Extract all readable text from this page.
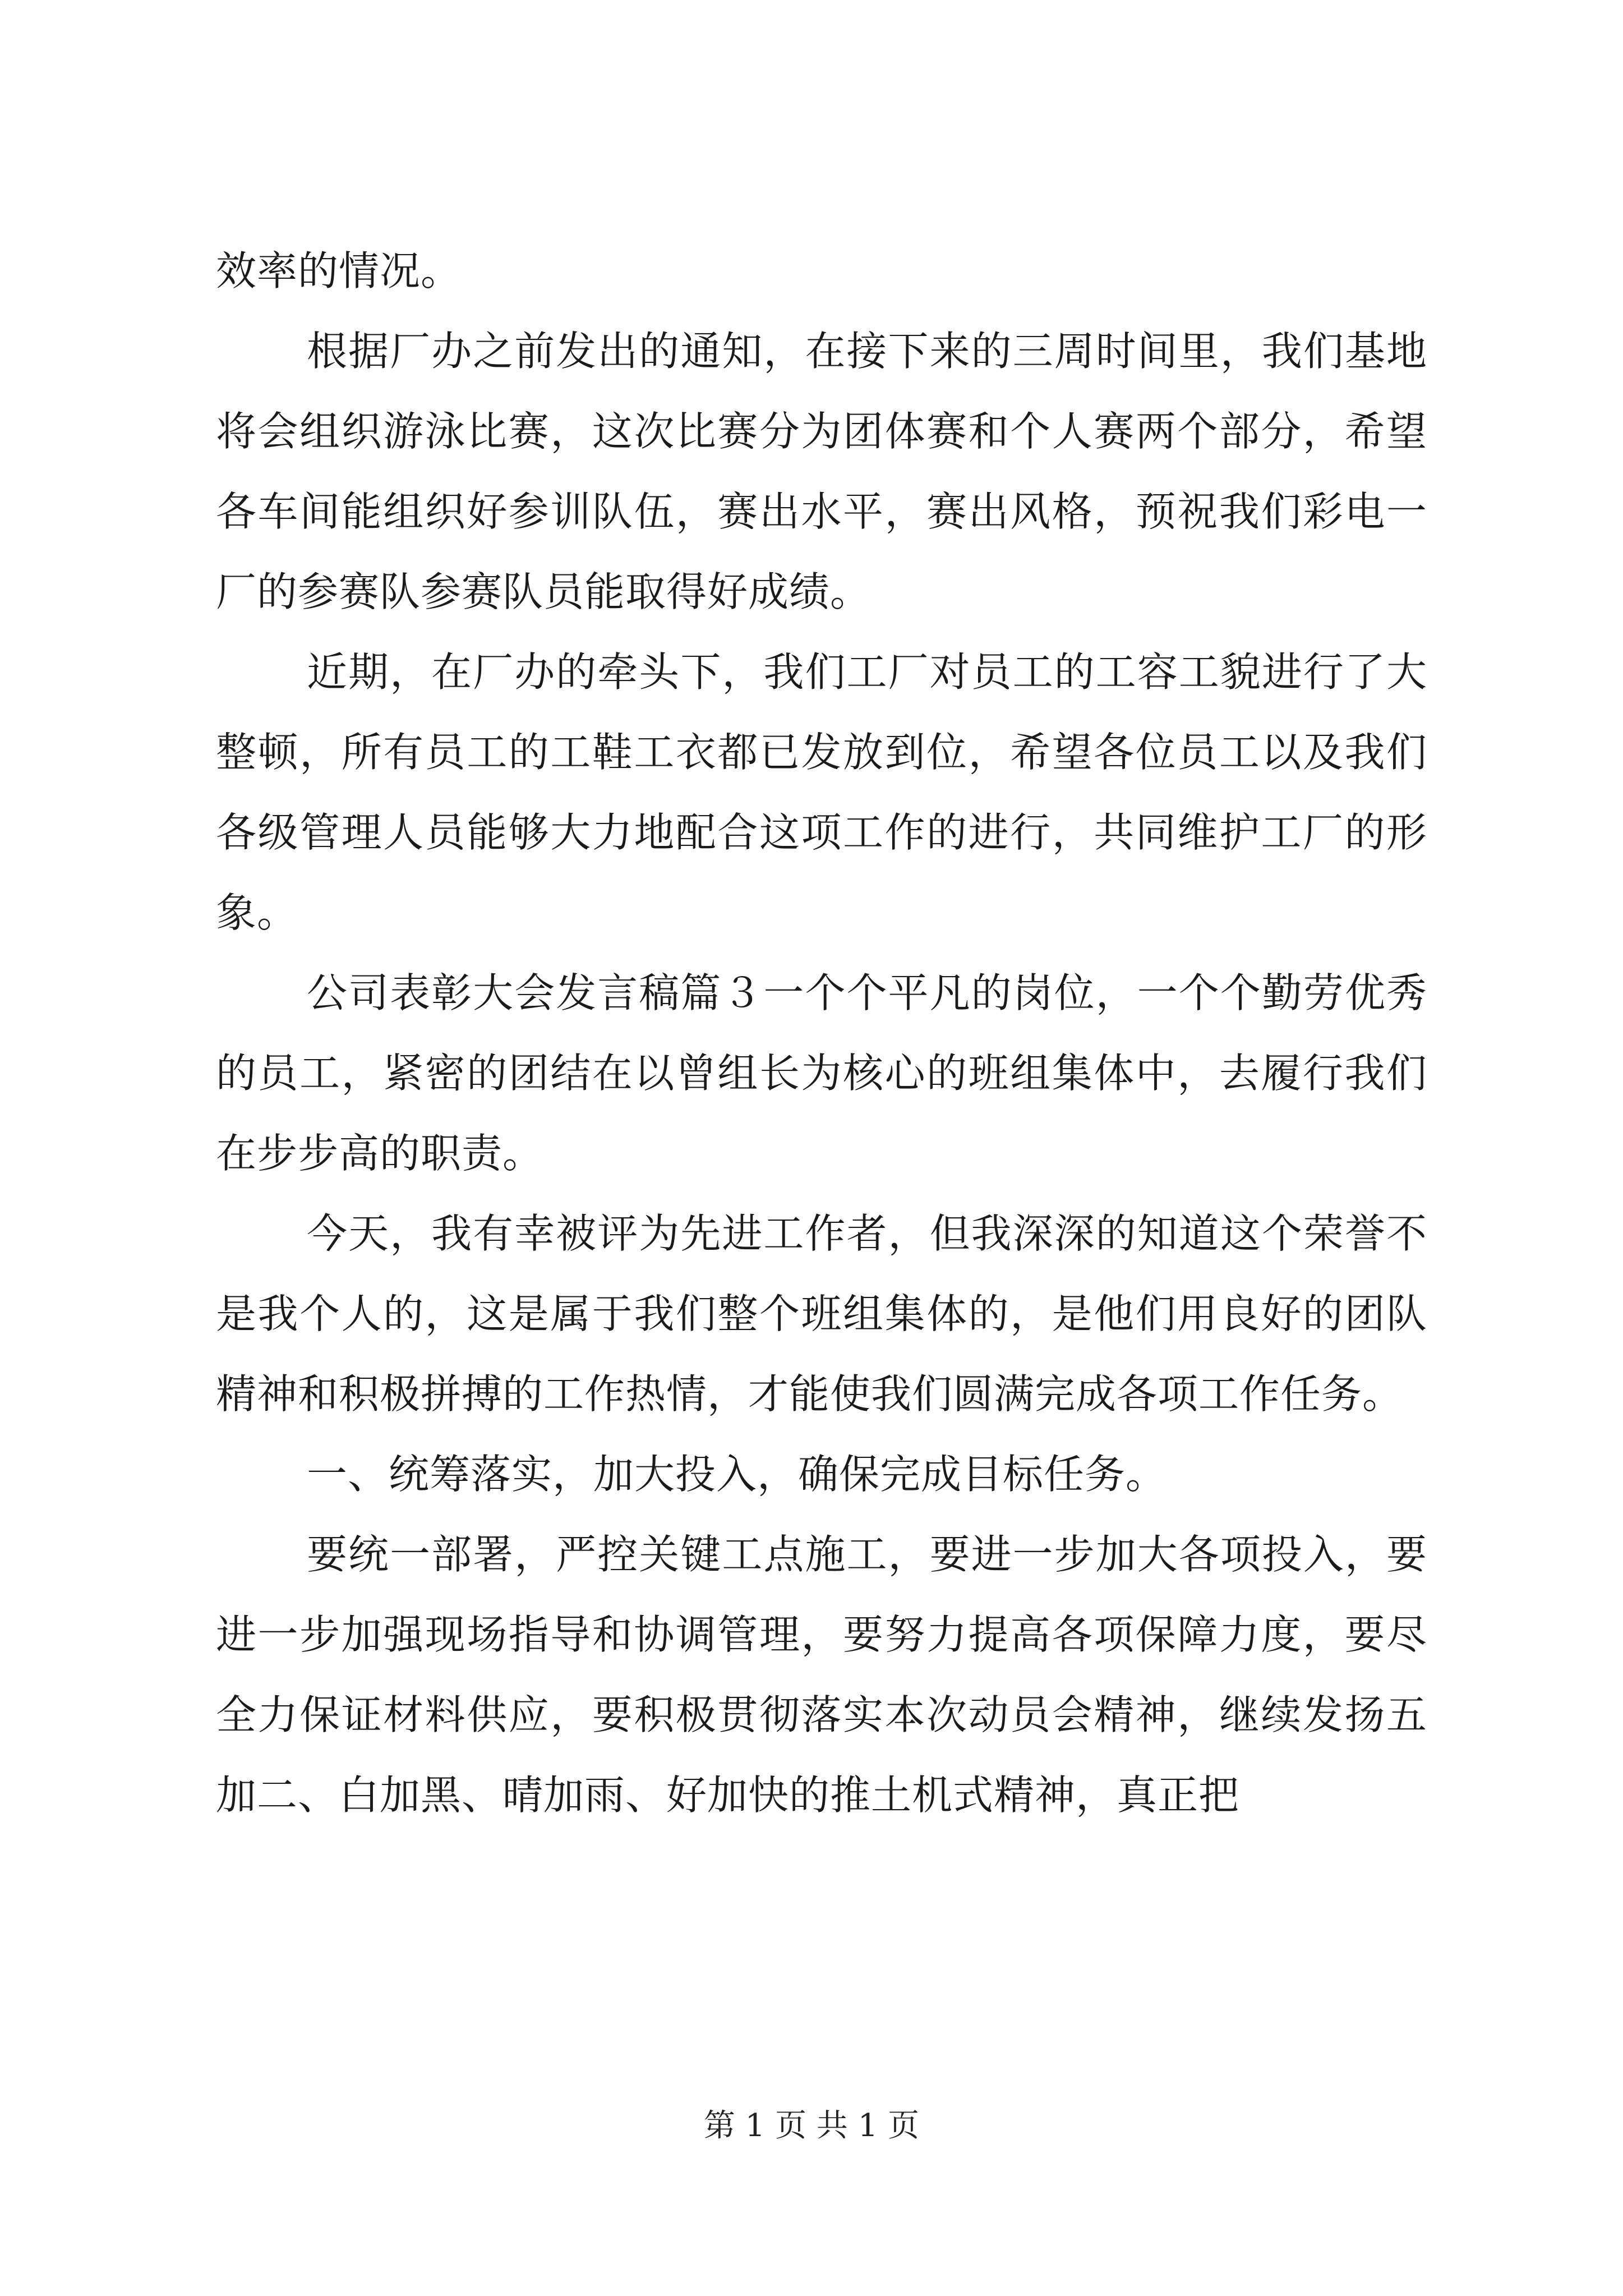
效率的情况。

根据厂办之前发出的通知，在接下来的三周时间里，我们基地将会组织游泳比赛，这次比赛分为团体赛和个人赛两个部分，希望各车间能组织好参训队伍，赛出水平，赛出风格，预祝我们彩电一厂的参赛队参赛队员能取得好成绩。

近期，在厂办的牵头下，我们工厂对员工的工容工貌进行了大整顿，所有员工的工鞋工衣都已发放到位，希望各位员工以及我们各级管理人员能够大力地配合这项工作的进行，共同维护工厂的形象。

公司表彰大会发言稿篇３一个个平凡的岗位，一个个勤劳优秀的员工，紧密的团结在以曾组长为核心的班组集体中，去履行我们在步步高的职责。

今天，我有幸被评为先进工作者，但我深深的知道这个荣誉不是我个人的，这是属于我们整个班组集体的，是他们用良好的团队精神和积极拼搏的工作热情，才能使我们圆满完成各项工作任务。

一、统筹落实，加大投入，确保完成目标任务。

要统一部署，严控关键工点施工，要进一步加大各项投入，要进一步加强现场指导和协调管理，要努力提高各项保障力度，要尽全力保证材料供应，要积极贯彻落实本次动员会精神，继续发扬五加二、白加黑、晴加雨、好加快的推土机式精神，真正把

第 1 页 共 1 页
